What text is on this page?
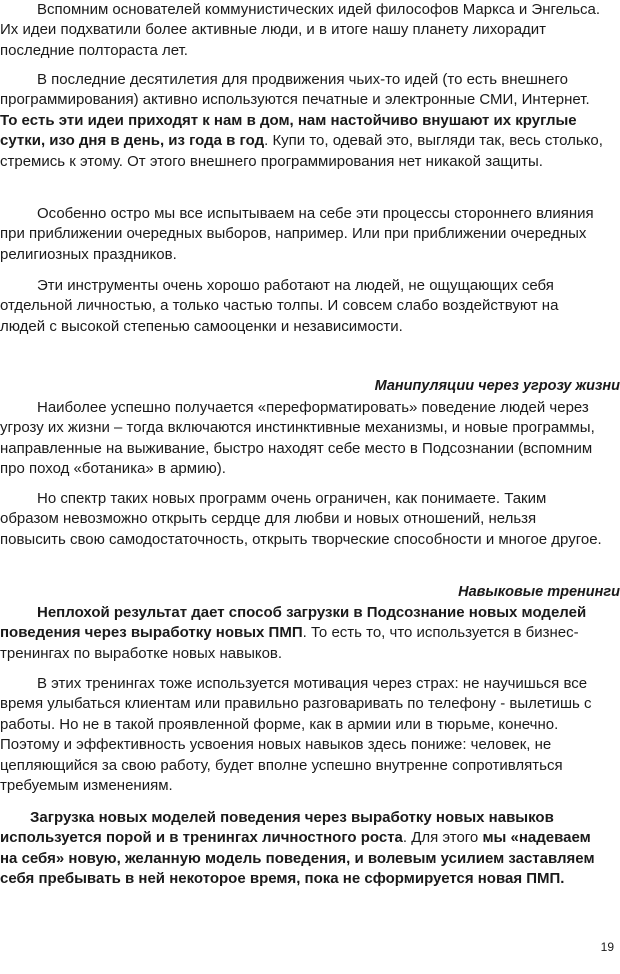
Вспомним основателей коммунистических идей философов Маркса и Энгельса. Их идеи подхватили более активные люди, и в итоге нашу планету лихорадит последние полтораста лет.

В последние десятилетия для продвижения чьих-то идей (то есть внешнего программирования) активно используются печатные и электронные СМИ, Интернет. То есть эти идеи приходят к нам в дом, нам настойчиво внушают их круглые сутки, изо дня в день, из года в год. Купи то, одевай это, выгляди так, весь столько, стремись к этому. От этого внешнего программирования нет никакой защиты.

Особенно остро мы все испытываем на себе эти процессы стороннего влияния при приближении очередных выборов, например. Или при приближении очередных религиозных праздников.

Эти инструменты очень хорошо работают на людей, не ощущающих себя отдельной личностью, а только частью толпы. И совсем слабо воздействуют на людей с высокой степенью самооценки и независимости.

Манипуляции через угрозу жизни

Наиболее успешно получается «переформатировать» поведение людей через угрозу их жизни – тогда включаются инстинктивные механизмы, и новые программы, направленные на выживание, быстро находят себе место в Подсознании (вспомним про поход «ботаника» в армию).

Но спектр таких новых программ очень ограничен, как понимаете. Таким образом невозможно открыть сердце для любви и новых отношений, нельзя повысить свою самодостаточность, открыть творческие способности и многое другое.

Навыковые тренинги

Неплохой результат дает способ загрузки в Подсознание новых моделей поведения через выработку новых ПМП. То есть то, что используется в бизнес-тренингах по выработке новых навыков.

В этих тренингах тоже используется мотивация через страх: не научишься все время улыбаться клиентам или правильно разговаривать по телефону - вылетишь с работы. Но не в такой проявленной форме, как в армии или в тюрьме, конечно. Поэтому и эффективность усвоения новых навыков здесь пониже: человек, не цепляющийся за свою работу, будет вполне успешно внутренне сопротивляться требуемым изменениям.

Загрузка новых моделей поведения через выработку новых навыков используется порой и в тренингах личностного роста. Для этого мы «надеваем на себя» новую, желанную модель поведения, и волевым усилием заставляем себя пребывать в ней некоторое время, пока не сформируется новая ПМП.

19
